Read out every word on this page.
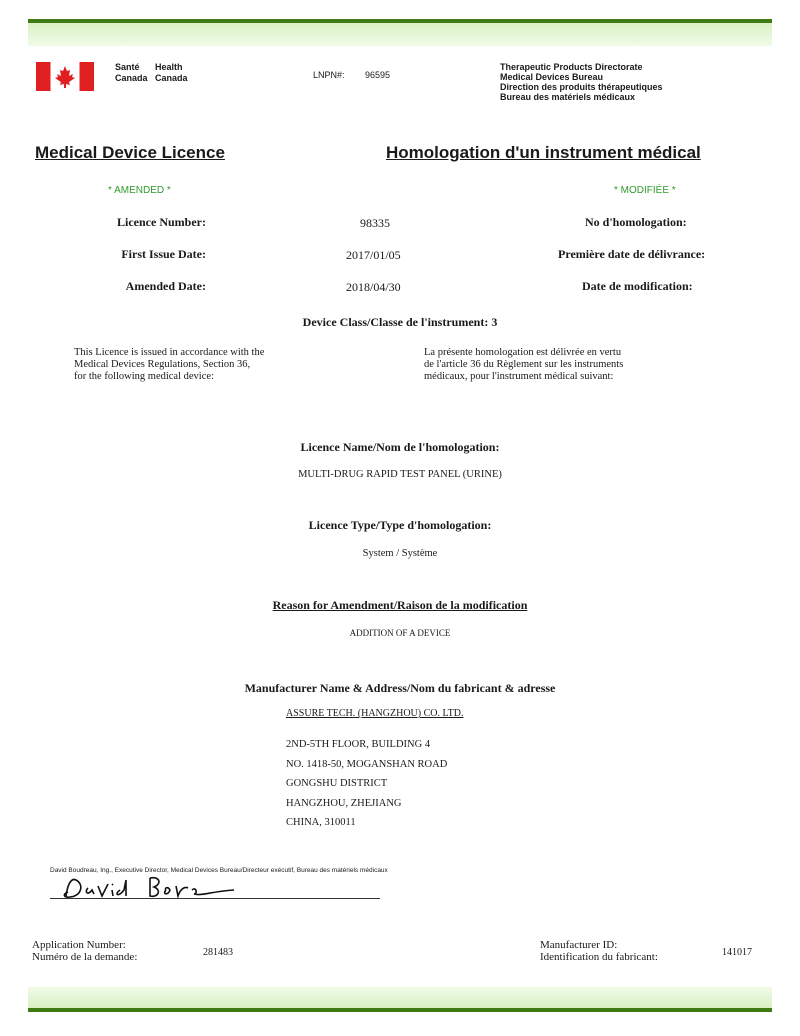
Santé
Canada
Health
Canada	LNPN#: 96595
Therapeutic Products Directorate
Medical Devices Bureau
Direction des produits thérapeutiques
Bureau des matériels médicaux
Medical Device Licence	Homologation d'un instrument médical
* AMENDED *	* MODIFIÉE *
Licence Number:	98335	No d'homologation:
First Issue Date:	2017/01/05	Première date de délivrance:
Amended Date:	2018/04/30	Date de modification:
Device Class/Classe de l'instrument: 3
This Licence is issued in accordance with the
Medical Devices Regulations, Section 36,
for the following medical device:
La présente homologation est délivrée en vertu
de l'article 36 du Règlement sur les instruments
médicaux, pour l'instrument médical suivant:
Licence Name/Nom de l'homologation:
MULTI-DRUG RAPID TEST PANEL (URINE)
Licence Type/Type d'homologation:
System / Système
Reason for Amendment/Raison de la modification
ADDITION OF A DEVICE
Manufacturer Name & Address/Nom du fabricant & adresse
ASSURE TECH. (HANGZHOU) CO. LTD.
2ND-5TH FLOOR, BUILDING 4
NO. 1418-50, MOGANSHAN ROAD
GONGSHU DISTRICT
HANGZHOU, ZHEJIANG
CHINA, 310011
David Boudreau, Ing., Executive Director, Medical Devices Bureau/Directeur exécutif, Bureau des matériels médicaux
Application Number:
Numéro de la demande:	281483
Manufacturer ID:
Identification du fabricant:	141017
